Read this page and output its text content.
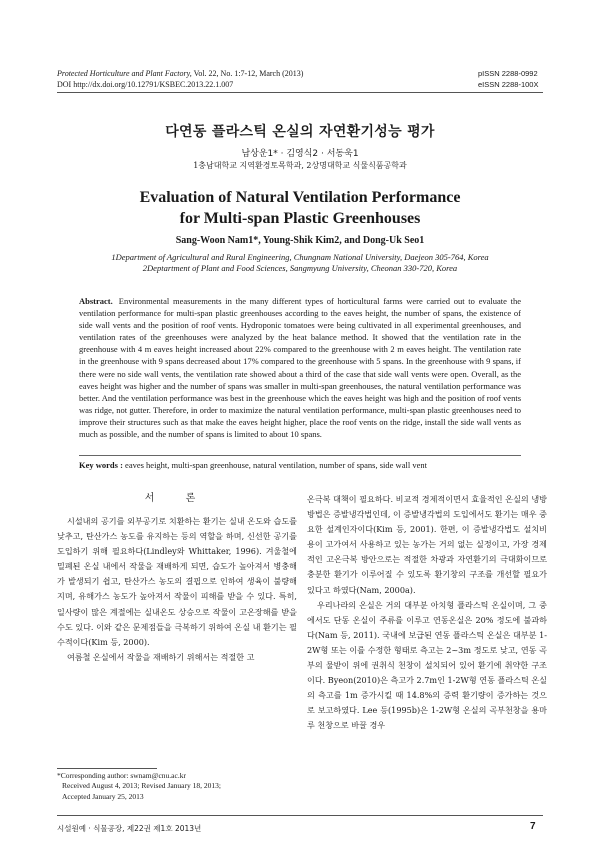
Protected Horticulture and Plant Factory, Vol. 22, No. 1:7-12, March (2013)
DOI http://dx.doi.org/10.12791/KSBEC.2013.22.1.007
pISSN 2288-0992
eISSN 2288-100X
다연동 플라스틱 온실의 자연환기성능 평가
남상운1* · 김영식2 · 서동욱1
1충남대학교 지역환경토목학과, 2상명대학교 식물식품공학과
Evaluation of Natural Ventilation Performance
for Multi-span Plastic Greenhouses
Sang-Woon Nam1*, Young-Shik Kim2, and Dong-Uk Seo1
1Department of Agricultural and Rural Engineering, Chungnam National University, Daejeon 305-764, Korea
2Deptartment of Plant and Food Sciences, Sangmyung University, Cheonan 330-720, Korea
Abstract. Environmental measurements in the many different types of horticultural farms were carried out to evaluate the ventilation performance for multi-span plastic greenhouses according to the eaves height, the number of spans, the existence of side wall vents and the position of roof vents. Hydroponic tomatoes were being cultivated in all experimental greenhouses, and ventilation rates of the greenhouses were analyzed by the heat balance method. It showed that the ventilation rate in the greenhouse with 4 m eaves height increased about 22% compared to the greenhouse with 2 m eaves height. The ventilation rate in the greenhouse with 9 spans decreased about 17% compared to the greenhouse with 5 spans. In the greenhouse with 9 spans, if there were no side wall vents, the ventilation rate showed about a third of the case that side wall vents were open. Overall, as the eaves height was higher and the number of spans was smaller in multi-span greenhouses, the natural ventilation performance was better. And the ventilation performance was best in the greenhouse which the eaves height was high and the position of roof vents was ridge, not gutter. Therefore, in order to maximize the natural ventilation performance, multi-span plastic greenhouses need to improve their structures such as that make the eaves height higher, place the roof vents on the ridge, install the side wall vents as much as possible, and the number of spans is limited to about 10 spans.
Key words : eaves height, multi-span greenhouse, natural ventilation, number of spans, side wall vent
서 론

시설내의 공기를 외부공기로 치환하는 환기는 실내 온도와 습도를 낮추고, 탄산가스 농도를 유지하는 등의 역할을 하며, 신선한 공기를 도입하기 위해 필요하다(Lindley와 Whittaker, 1996). 겨울철에 밀폐된 온실 내에서 작물을 재배하게 되면, 습도가 높아져서 병충해가 발생되기 쉽고, 탄산가스 농도의 결핍으로 인하여 생육이 불량해지며, 유해가스 농도가 높아져서 작물이 피해를 받을 수 있다. 특히, 일사량이 많은 계절에는 실내온도 상승으로 작물이 고온장해를 받을 수도 있다. 이와 같은 문제점들을 극복하기 위하여 온실 내 환기는 필수적이다(Kim 등, 2000).

여름철 온실에서 작물을 재배하기 위해서는 적절한 고

온극복 대책이 필요하다. 비교적 경제적이면서 효율적인 온실의 냉방 방법은 증발냉각법인데, 이 증발냉각법의 도입에서도 환기는 매우 중요한 설계인자이다(Kim 등, 2001). 한편, 이 증발냉각법도 설치비용이 고가여서 사용하고 있는 농가는 거의 없는 실정이고, 가장 경제적인 고온극복 방안으로는 적절한 차광과 자연환기의 극대화이므로 충분한 환기가 이루어질 수 있도록 환기창의 구조를 개선할 필요가 있다고 하였다(Nam, 2000a).

우리나라의 온실은 거의 대부분 아치형 플라스틱 온실이며, 그 중에서도 단동 온실이 주류를 이루고 연동온실은 20% 정도에 불과하다(Nam 등, 2011). 국내에 보급된 연동 플라스틱 온실은 대부분 1-2W형 또는 이를 수정한 형태로 측고는 2~3m 정도로 낮고, 연동 곡부의 물받이 위에 권취식 천창이 설치되어 있어 환기에 취약한 구조이다. Byeon(2010)은 측고가 2.7m인 1-2W형 연동 플라스틱 온실의 측고를 1m 증가시킬 때 14.8%의 증력 환기량이 증가하는 것으로 보고하였다. Lee 등(1995b)은 1-2W형 온실의 곡부천창을 용마루 천창으로 바꿀 경우

*Corresponding author: swnam@cnu.ac.kr
Received August 4, 2013; Revised January 18, 2013;
Accepted January 25, 2013
시설원예 · 식물공장, 제22권 제1호 2013년	7
